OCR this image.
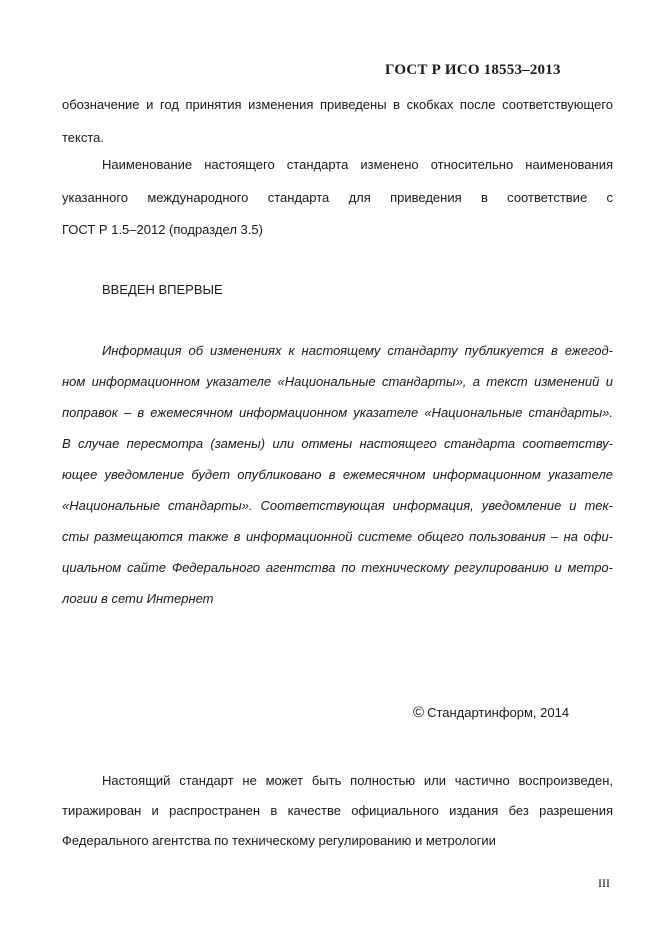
ГОСТ Р ИСО 18553–2013
обозначение и год принятия изменения приведены в скобках после соответствующего
текста.
Наименование настоящего стандарта изменено относительно наименования
указанного международного стандарта для приведения в соответствие с
ГОСТ Р 1.5–2012 (подраздел 3.5)
ВВЕДЕН ВПЕРВЫЕ
Информация об изменениях к настоящему стандарту публикуется в ежегод-
ном информационном указателе «Национальные стандарты», а текст изменений и
поправок – в ежемесячном информационном указателе «Национальные стандарты».
В случае пересмотра (замены) или отмены настоящего стандарта соответству-
ющее уведомление будет опубликовано в ежемесячном информационном указателе
«Национальные стандарты». Соответствующая информация, уведомление и тек-
сты размещаются также в информационной системе общего пользования – на офи-
циальном сайте Федерального агентства по техническому регулированию и метро-
логии в сети Интернет
© Стандартинформ, 2014
Настоящий стандарт не может быть полностью или частично воспроизведен,
тиражирован и распространен в качестве официального издания без разрешения
Федерального агентства по техническому регулированию и метрологии
III
